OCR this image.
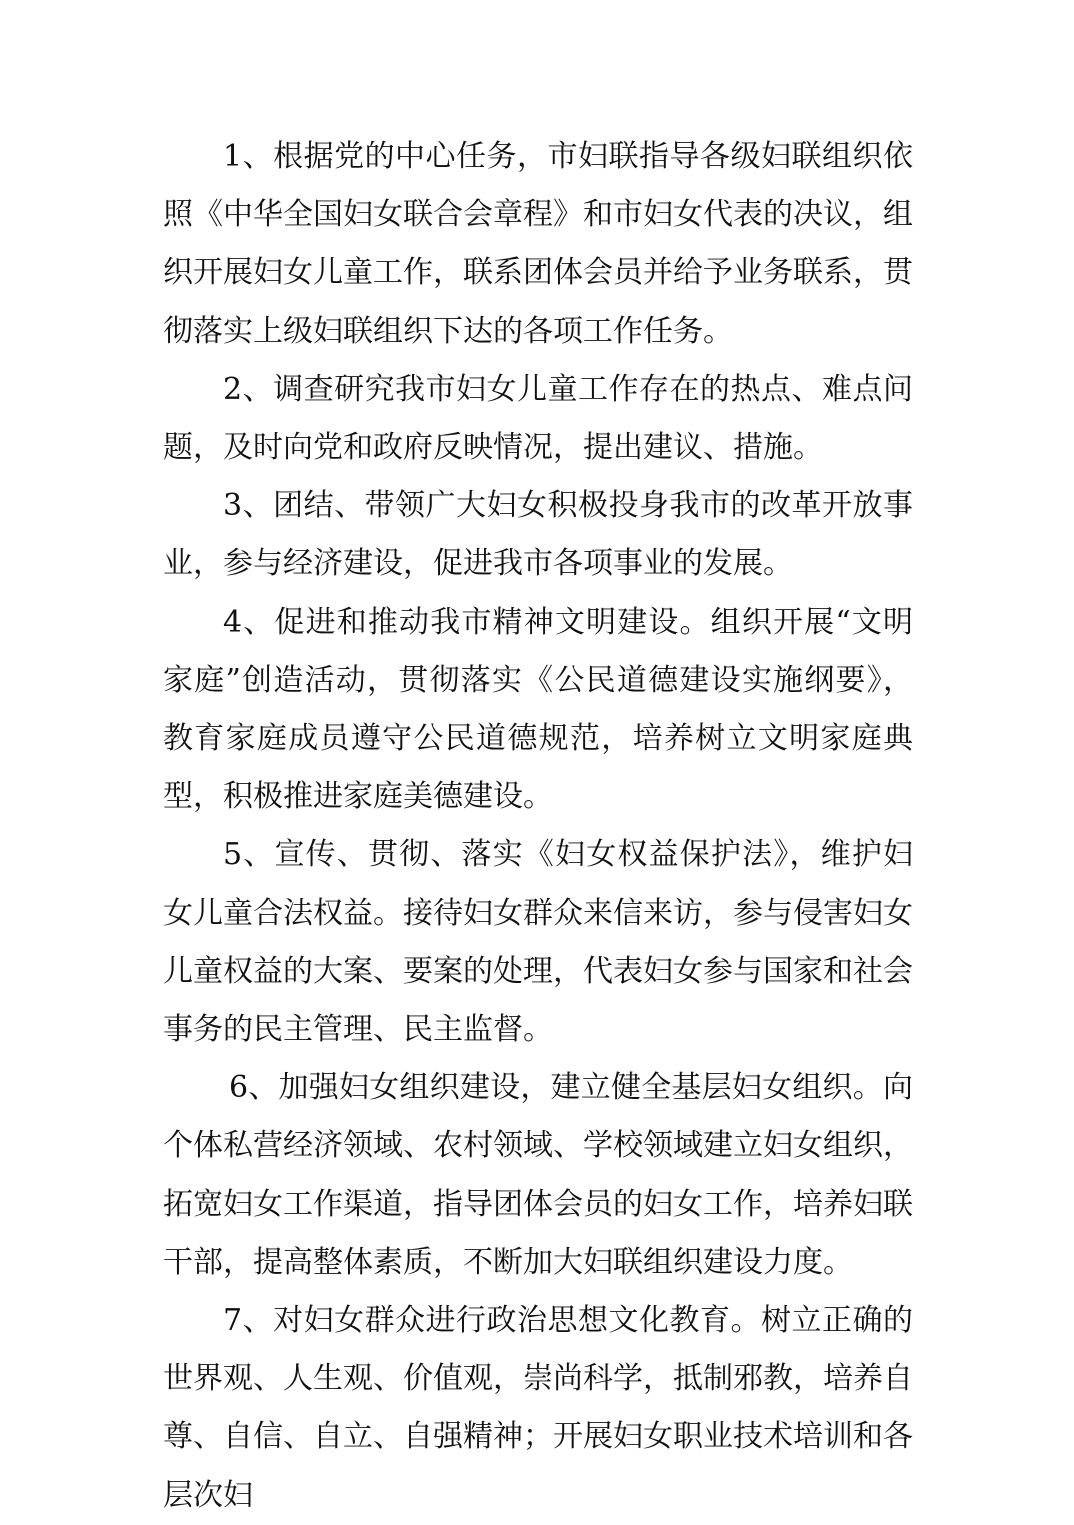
1、根据党的中心任务，市妇联指导各级妇联组织依照《中华全国妇女联合会章程》和市妇女代表的决议，组织开展妇女儿童工作，联系团体会员并给予业务联系，贯彻落实上级妇联组织下达的各项工作任务。

2、调查研究我市妇女儿童工作存在的热点、难点问题，及时向党和政府反映情况，提出建议、措施。

3、团结、带领广大妇女积极投身我市的改革开放事业，参与经济建设，促进我市各项事业的发展。

4、促进和推动我市精神文明建设。组织开展“文明家庭”创造活动，贯彻落实《公民道德建设实施纲要》，教育家庭成员遵守公民道德规范，培养树立文明家庭典型，积极推进家庭美德建设。

5、宣传、贯彻、落实《妇女权益保护法》，维护妇女儿童合法权益。接待妇女群众来信来访，参与侵害妇女儿童权益的大案、要案的处理，代表妇女参与国家和社会事务的民主管理、民主监督。

6、加强妇女组织建设，建立健全基层妇女组织。向个体私营经济领域、农村领域、学校领域建立妇女组织，拓宽妇女工作渠道，指导团体会员的妇女工作，培养妇联干部，提高整体素质，不断加大妇联组织建设力度。

7、对妇女群众进行政治思想文化教育。树立正确的世界观、人生观、价值观，崇尚科学，抵制邪教，培养自尊、自信、自立、自强精神；开展妇女职业技术培训和各层次妇
